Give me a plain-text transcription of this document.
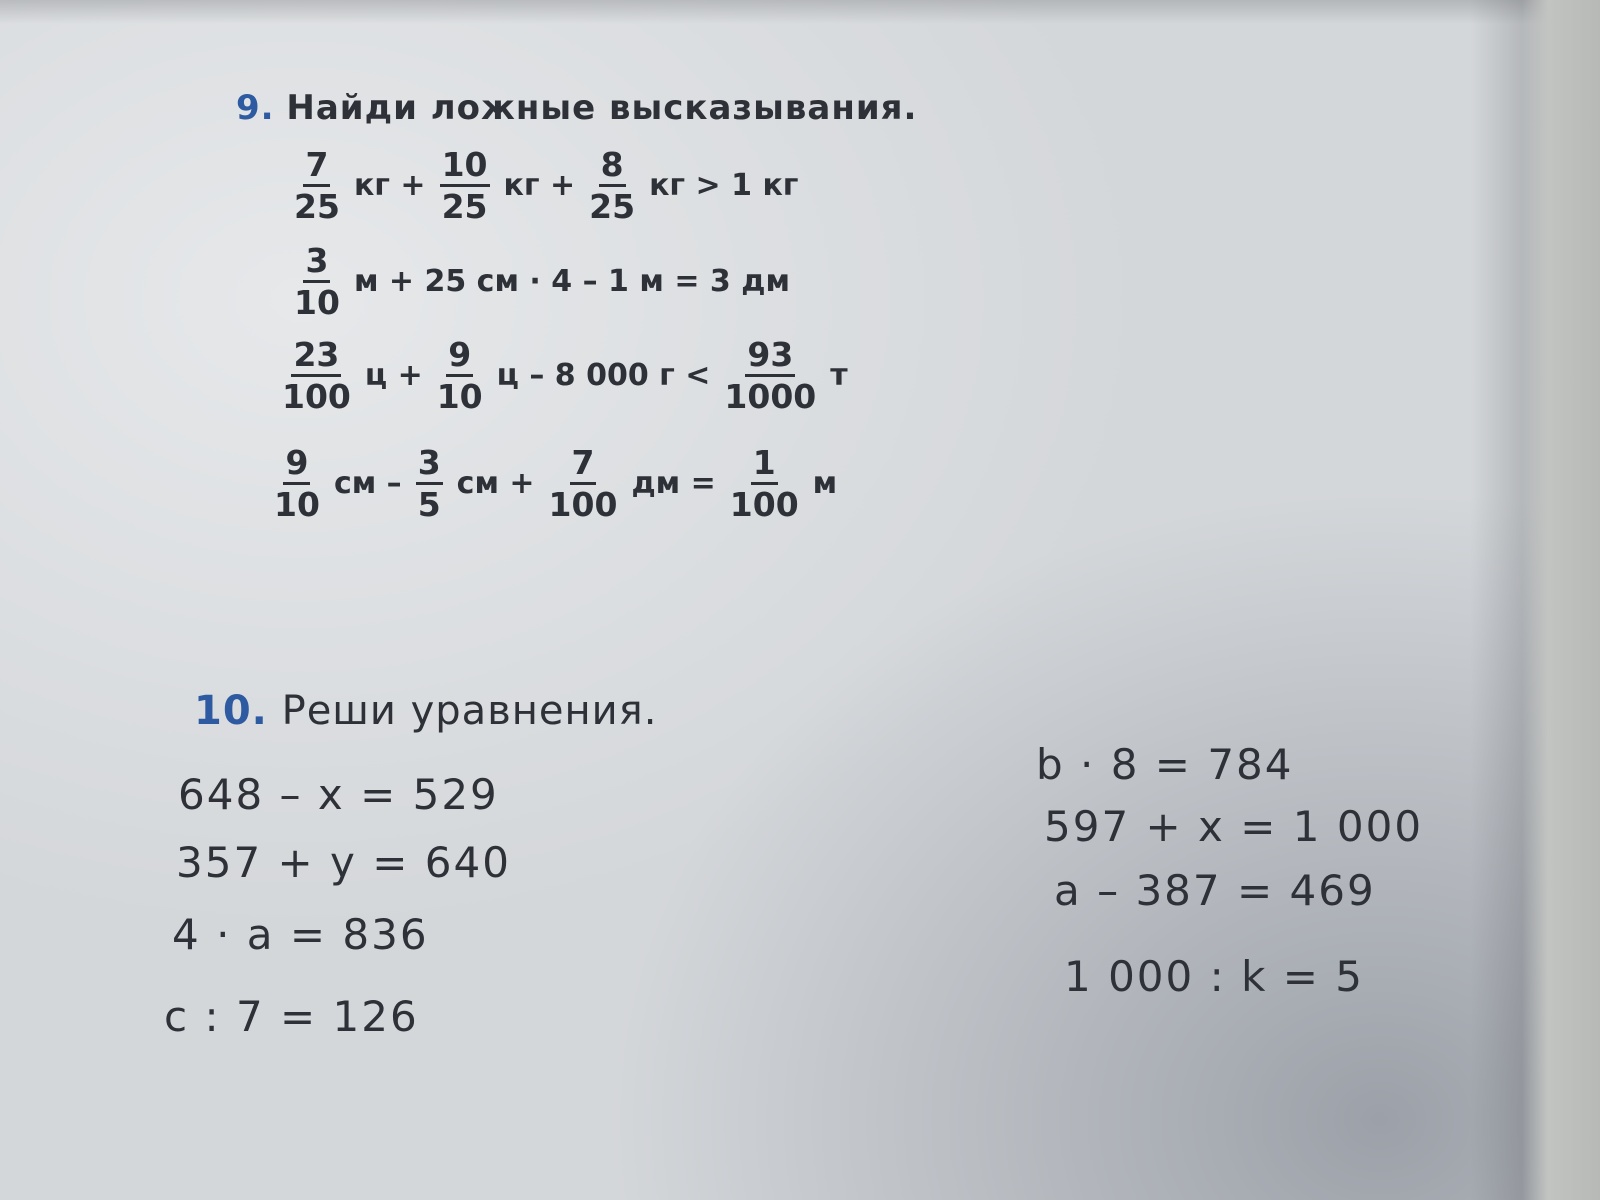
9. Найди ложные высказывания.
$\frac{7}{25}$ кг + $\frac{10}{25}$ кг + $\frac{8}{25}$ кг > 1 кг
$\frac{3}{10}$ м + 25 см · 4 – 1 м = 3 дм
$\frac{23}{100}$ $ц + \frac{9}{10}$ ц – 8 000 $г < \frac{93}{1000}$ т
$\frac{9}{10}$ см – $\frac{3}{5}$ см + $\frac{7}{100}$ дм = $\frac{1}{100}$ м
10. Реши уравнения.
648 – x = 529
357 + y = 640
4 · a = 836
c : 7 = 126
b · 8 = 784
597 + x = 1 000
a – 387 = 469
1 000 : k = 5
